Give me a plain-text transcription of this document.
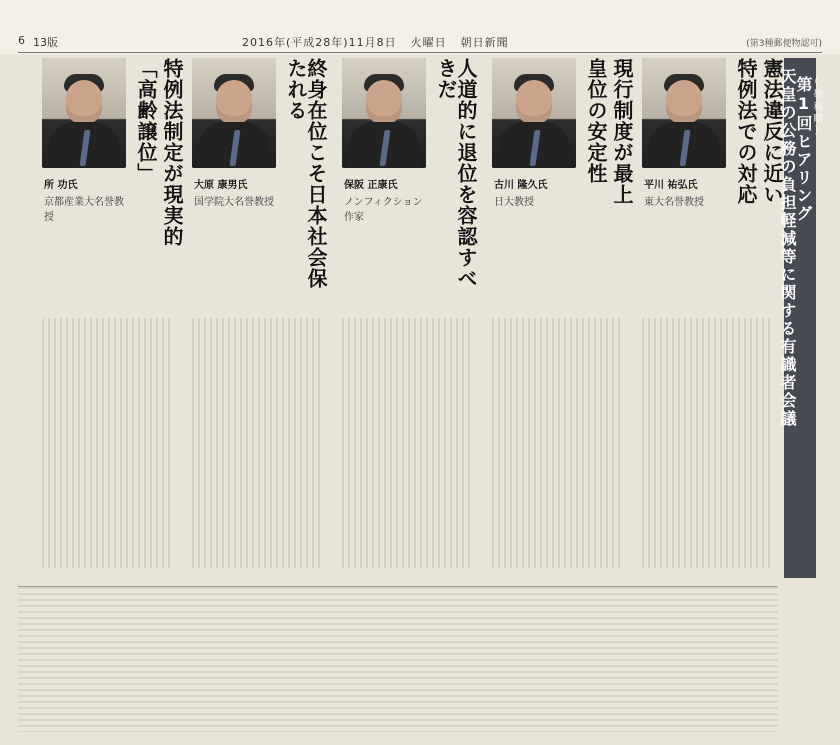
6 13版	2016年(平成28年)11月8日 火曜日 朝日新聞	(第3種郵便物認可)
天皇の公務の負担軽減等に関する有識者会議
第1回ヒアリング
(敬称略)
特例法での対応 憲法違反に近い
平川 祐弘氏
東大名誉教授
皇位の安定性 現行制度が最上
古川 隆久氏
日大教授
人道的に退位を容認すべきだ
保阪 正康氏
ノンフィクション作家
終身在位こそ日本社会保たれる
大原 康男氏
国学院大名誉教授
「高齢譲位」 特例法制定が現実的
所 功氏
京都産業大名誉教授
